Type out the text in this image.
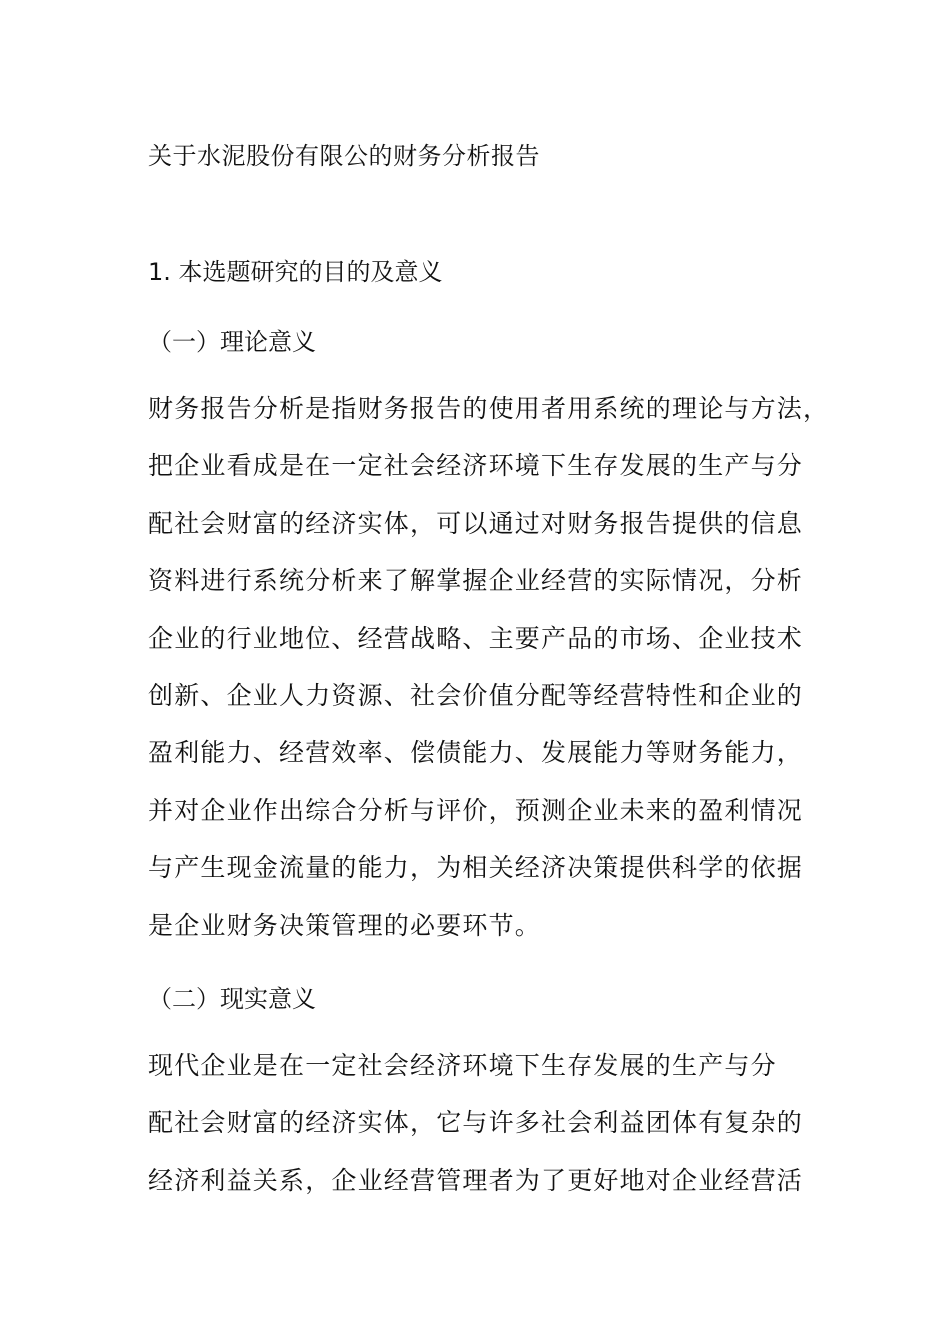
关于水泥股份有限公的财务分析报告
1. 本选题研究的目的及意义
（一）理论意义
财务报告分析是指财务报告的使用者用系统的理论与方法，
把企业看成是在一定社会经济环境下生存发展的生产与分
配社会财富的经济实体，可以通过对财务报告提供的信息
资料进行系统分析来了解掌握企业经营的实际情况，分析
企业的行业地位、经营战略、主要产品的市场、企业技术
创新、企业人力资源、社会价值分配等经营特性和企业的
盈利能力、经营效率、偿债能力、发展能力等财务能力，
并对企业作出综合分析与评价，预测企业未来的盈利情况
与产生现金流量的能力，为相关经济决策提供科学的依据
是企业财务决策管理的必要环节。
（二）现实意义
现代企业是在一定社会经济环境下生存发展的生产与分
配社会财富的经济实体，它与许多社会利益团体有复杂的
经济利益关系，企业经营管理者为了更好地对企业经营活
